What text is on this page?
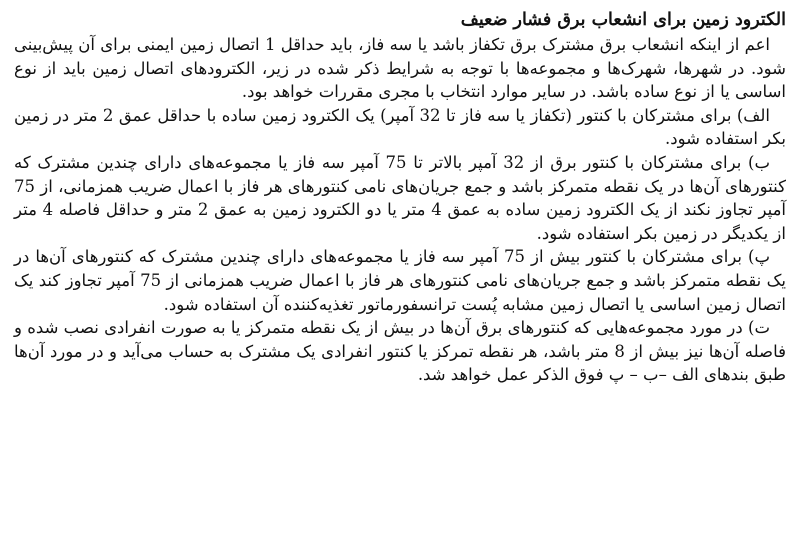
الکترود زمین برای انشعاب برق فشار ضعیف

اعم از اینکه انشعاب برق مشترک برق تکفاز باشد یا سه فاز، باید حداقل 1 اتصال زمین ایمنی برای آن پیش‌بینی شود. در شهرها، شهرک‌ها و مجموعه‌ها با توجه به شرایط ذکر شده در زیر، الکترودهای اتصال زمین باید از نوع اساسی یا از نوع ساده باشد. در سایر موارد انتخاب با مجری مقررات خواهد بود.

الف) برای مشترکان با کنتور (تکفاز یا سه فاز تا 32 آمپر) یک الکترود زمین ساده با حداقل عمق 2 متر در زمین بکر استفاده شود.

ب) برای مشترکان با کنتور برق از 32 آمپر بالاتر تا 75 آمپر سه فاز یا مجموعه‌های دارای چندین مشترک که کنتورهای آن‌ها در یک نقطه متمرکز باشد و جمع جریان‌های نامی کنتورهای هر فاز با اعمال ضریب همزمانی، از 75 آمپر تجاوز نکند از یک الکترود زمین ساده به عمق 4 متر یا دو الکترود زمین به عمق 2 متر و حداقل فاصله 4 متر از یکدیگر در زمین بکر استفاده شود.

پ) برای مشترکان با کنتور بیش از 75 آمپر سه فاز یا مجموعه‌های دارای چندین مشترک که کنتورهای آن‌ها در یک نقطه متمرکز باشد و جمع جریان‌های نامی کنتورهای هر فاز با اعمال ضریب همزمانی از 75 آمپر تجاوز کند یک اتصال زمین اساسی یا اتصال زمین مشابه پُست ترانسفورماتور تغذیه‌کننده آن استفاده شود.

ت) در مورد مجموعه‌هایی که کنتورهای برق آن‌ها در بیش از یک نقطه متمرکز یا به صورت انفرادی نصب شده و فاصله آن‌ها نیز بیش از 8 متر باشد، هر نقطه تمرکز یا کنتور انفرادی یک مشترک به حساب می‌آید و در مورد آن‌ها طبق بندهای الف –ب – پ فوق الذکر عمل خواهد شد.
